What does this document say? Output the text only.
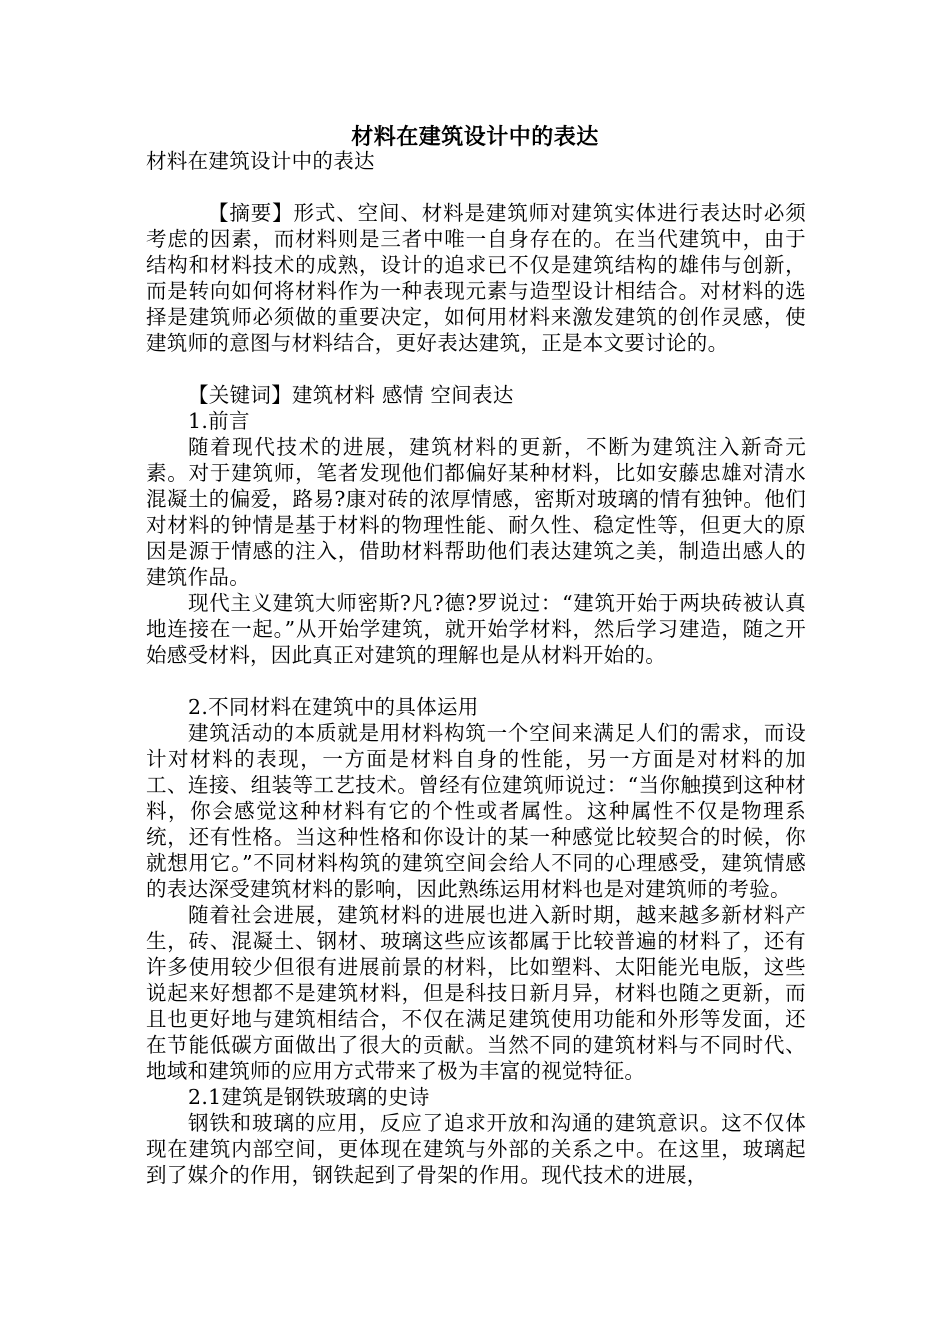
材料在建筑设计中的表达

材料在建筑设计中的表达

【摘要】形式、空间、材料是建筑师对建筑实体进行表达时必须考虑的因素，而材料则是三者中唯一自身存在的。在当代建筑中，由于结构和材料技术的成熟，设计的追求已不仅是建筑结构的雄伟与创新，而是转向如何将材料作为一种表现元素与造型设计相结合。对材料的选择是建筑师必须做的重要决定，如何用材料来激发建筑的创作灵感，使建筑师的意图与材料结合，更好表达建筑，正是本文要讨论的。

【关键词】建筑材料 感情 空间表达

1.前言

随着现代技术的进展，建筑材料的更新，不断为建筑注入新奇元素。对于建筑师，笔者发现他们都偏好某种材料，比如安藤忠雄对清水混凝土的偏爱，路易?康对砖的浓厚情感，密斯对玻璃的情有独钟。他们对材料的钟情是基于材料的物理性能、耐久性、稳定性等，但更大的原因是源于情感的注入，借助材料帮助他们表达建筑之美，制造出感人的建筑作品。

现代主义建筑大师密斯?凡?德?罗说过：“建筑开始于两块砖被认真地连接在一起。”从开始学建筑，就开始学材料，然后学习建造，随之开始感受材料，因此真正对建筑的理解也是从材料开始的。

2.不同材料在建筑中的具体运用

建筑活动的本质就是用材料构筑一个空间来满足人们的需求，而设计对材料的表现，一方面是材料自身的性能，另一方面是对材料的加工、连接、组装等工艺技术。曾经有位建筑师说过：“当你触摸到这种材料，你会感觉这种材料有它的个性或者属性。这种属性不仅是物理系统，还有性格。当这种性格和你设计的某一种感觉比较契合的时候，你就想用它。”不同材料构筑的建筑空间会给人不同的心理感受，建筑情感的表达深受建筑材料的影响，因此熟练运用材料也是对建筑师的考验。

随着社会进展，建筑材料的进展也进入新时期，越来越多新材料产生，砖、混凝土、钢材、玻璃这些应该都属于比较普遍的材料了，还有许多使用较少但很有进展前景的材料，比如塑料、太阳能光电版，这些说起来好想都不是建筑材料，但是科技日新月异，材料也随之更新，而且也更好地与建筑相结合，不仅在满足建筑使用功能和外形等发面，还在节能低碳方面做出了很大的贡献。当然不同的建筑材料与不同时代、地域和建筑师的应用方式带来了极为丰富的视觉特征。

2.1建筑是钢铁玻璃的史诗

钢铁和玻璃的应用，反应了追求开放和沟通的建筑意识。这不仅体现在建筑内部空间，更体现在建筑与外部的关系之中。在这里，玻璃起到了媒介的作用，钢铁起到了骨架的作用。现代技术的进展，
